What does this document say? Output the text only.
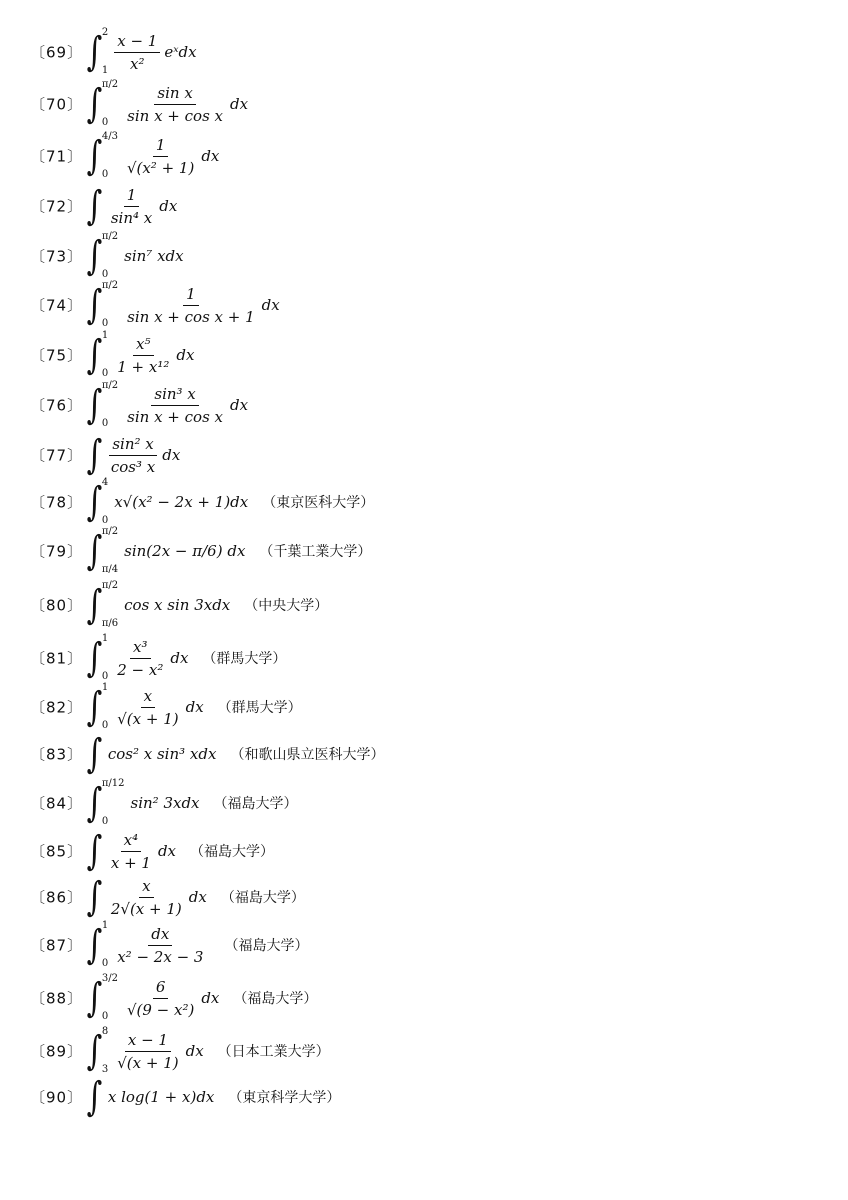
〔69〕 ∫ 2
$1 \frac{x - 1}{\text{x²}}$ eˣdx
〔70〕 ∫ π/2
0	$\frac{\text{sin x}}{\text{sin x + cos x}}$ dx
〔71〕 ∫ 4/3
0	$\frac{1}{\text{√(x² + 1)}}$ dx
〔72〕 ∫ $\frac{1}{\text{sin⁴ x}}$ dx
〔73〕 ∫ π/2
0
sin⁷ xdx
〔74〕 ∫ π/2
0	$\frac{1}{\text{sin x + cos x + 1}}$ dx
〔75〕 ∫ 1
$0 \frac{\text{x⁵}}{\text{1 + x¹²}}$ dx
〔76〕 ∫ π/2
0	$\frac{\text{sin³ x}}{\text{sin x + cos x}}$ dx
〔77〕 ∫ $\frac{\text{sin² x}}{\text{cos³ x}}$ dx
〔78〕 ∫ 4
0
x√(x² − 2x + 1)dx （東京医科大学）
〔79〕 ∫ π/2
π/4
sin(2x − π/6) dx （千葉工業大学）
〔80〕 ∫ π/2
π/6
cos x sin 3xdx （中央大学）
〔81〕 ∫ 1
$0 \frac{\text{x³}}{\text{2 − x²}}$ dx （群馬大学）
〔82〕 ∫ 1
$0 \frac{x}{√(x + 1)}$ dx （群馬大学）
〔83〕 ∫ cos² x sin³ xdx （和歌山県立医科大学）
〔84〕 ∫ π/12
0
sin² 3xdx （福島大学）
〔85〕 ∫ $\frac{\text{x⁴}}{x + 1}$ dx （福島大学）
〔86〕 ∫ $\frac{x}{2√(x + 1)}$ dx （福島大学）
〔87〕 ∫ 1
$0 \frac{dx}{\text{x² − 2x − 3}}$ （福島大学）
〔88〕 ∫ 3/2
0	$\frac{6}{\text{√(9 − x²)}}$ dx （福島大学）
〔89〕 ∫ 8
$3 \frac{x - 1}{√(x + 1)}$ dx （日本工業大学）
〔90〕 ∫ x log(1 + x)dx （東京科学大学）
